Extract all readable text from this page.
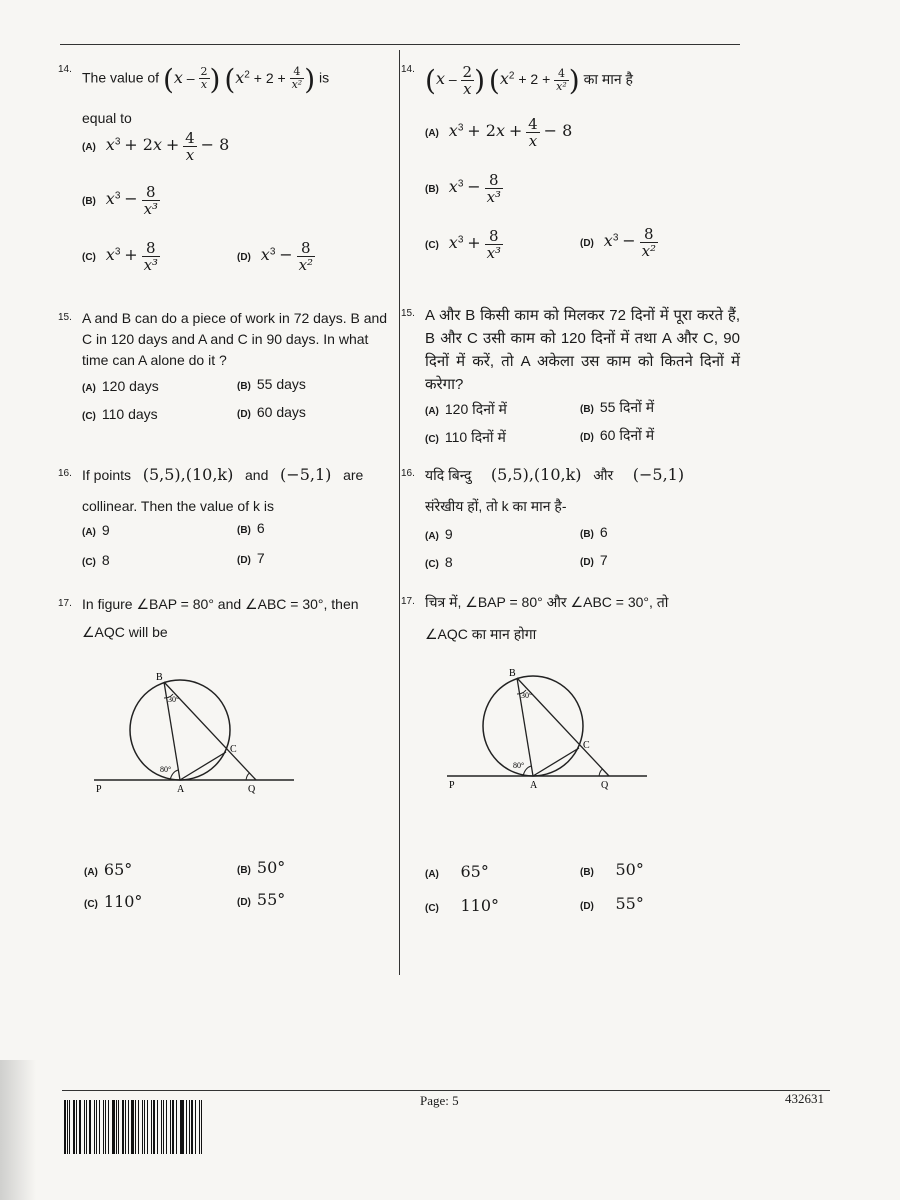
14.
The value of ($x - \frac{2}{x}$ ) ($x^2 + 2 + \frac{4}{\text{x²}}$ ) is
equal to
(A) $x^3 + 2x + \frac{4}{x} - 8$
(B) $x^3 - \frac{8}{\text{x³}}$
(C) $x^3 + \frac{8}{\text{x³}}$	(D) $x^3 - \frac{8}{\text{x²}}$
15. A and B can do a piece of work in 72 days. B and C in 120 days and A and C in 90 days. In what time can A alone do it ?
(A) 120 days	(B) 55 days
(C) 110 days	(D) 60 days
16. If points (5,5),(10,k) and (−5,1) are
collinear. Then the value of k is
(A) 9	(B) 6
(C) 8	(D) 7
17. In figure ∠BAP = 80° and ∠ABC = 30°, then
∠AQC will be
B
30°
C
80°
P	A	Q
(A) 65°	(B) 50°
(C) 110°	(D) 55°
14. ($x - \frac{2}{x}$ ) ($x^2 + 2 + \frac{4}{\text{x²}}$ ) का मान है
(A) $x^3 + 2x + \frac{4}{x} - 8$
(B) $x^3 - \frac{8}{\text{x³}}$
(C) $x^3 + \frac{8}{\text{x³}}$	(D) $x^3 - \frac{8}{\text{x²}}$
15. A और B किसी काम को मिलकर 72 दिनों में पूरा करते हैं, B और C उसी काम को 120 दिनों में तथा A और C, 90 दिनों में करें, तो A अकेला उस काम को कितने दिनों में करेगा?
(A) 120 दिनों में	(B) 55 दिनों में
(C) 110 दिनों में	(D) 60 दिनों में
16. यदि बिन्दु (5,5),(10,k) और (−5,1)
संरेखीय हों, तो k का मान है-
(A) 9	(B) 6
(C) 8	(D) 7
17. चित्र में, ∠BAP = 80° और ∠ABC = 30°, तो
∠AQC का मान होगा
B
30°
C
80°
P	A	Q
(A) 65°	(B) 50°
(C) 110°	(D) 55°
Page: 5	432631
